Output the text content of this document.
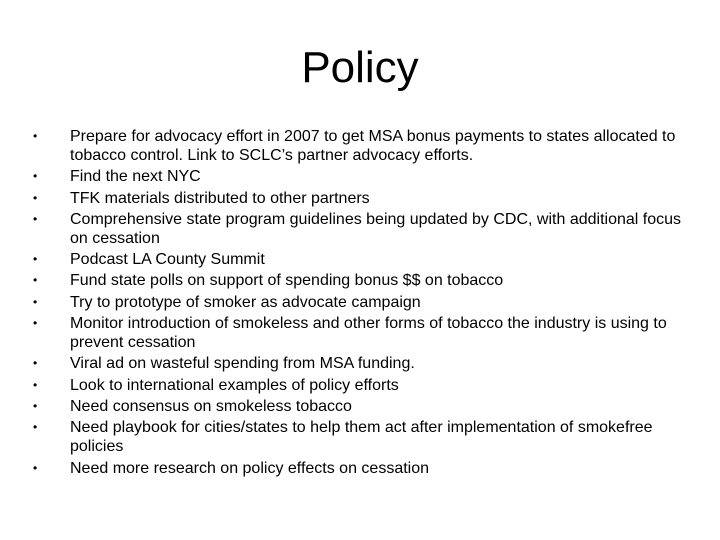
Policy
•	Prepare for advocacy effort in 2007 to get MSA bonus payments to states allocated to tobacco control. Link to SCLC’s partner advocacy efforts.
•	Find the next NYC
•	TFK materials distributed to other partners
•	Comprehensive state program guidelines being updated by CDC, with additional focus on cessation
•	Podcast LA County Summit
•	Fund state polls on support of spending bonus $$ on tobacco
•	Try to prototype of smoker as advocate campaign
•	Monitor introduction of smokeless and other forms of tobacco the industry is using to prevent cessation
•	Viral ad on wasteful spending from MSA funding.
•	Look to international examples of policy efforts
•	Need consensus on smokeless tobacco
•	Need playbook for cities/states to help them act after implementation of smokefree policies
•	Need more research on policy effects on cessation
